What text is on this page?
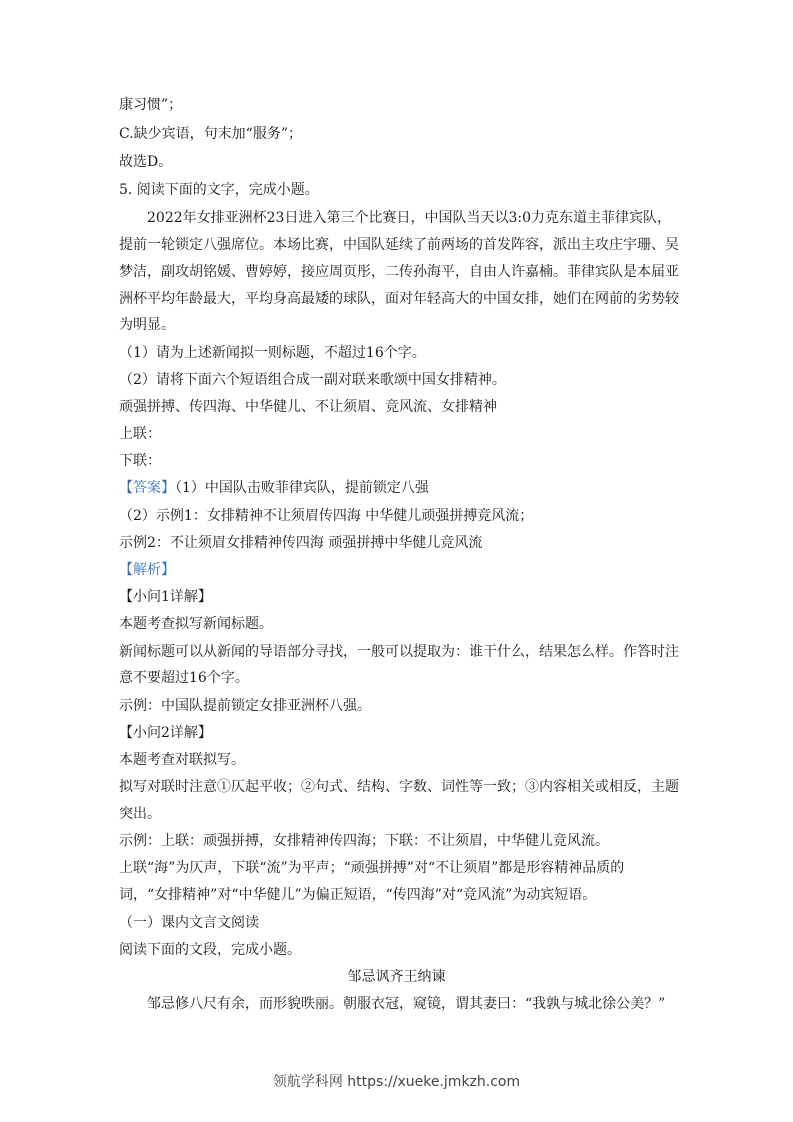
康习惯”；
C.缺少宾语，句末加“服务”；
故选D。
5. 阅读下面的文字，完成小题。
2022年女排亚洲杯23日进入第三个比赛日，中国队当天以3:0力克东道主菲律宾队，
提前一轮锁定八强席位。本场比赛，中国队延续了前两场的首发阵容，派出主攻庄宇珊、吴
梦洁，副攻胡铭媛、曹婷婷，接应周页彤，二传孙海平，自由人许嘉楠。菲律宾队是本届亚
洲杯平均年龄最大，平均身高最矮的球队，面对年轻高大的中国女排，她们在网前的劣势较
为明显。
（1）请为上述新闻拟一则标题，不超过16个字。
（2）请将下面六个短语组合成一副对联来歌颂中国女排精神。
顽强拼搏、传四海、中华健儿、不让须眉、竞风流、女排精神
上联：
下联：
【答案】（1）中国队击败菲律宾队，提前锁定八强
（2）示例1：女排精神不让须眉传四海 中华健儿顽强拼搏竞风流；
示例2：不让须眉女排精神传四海 顽强拼搏中华健儿竞风流
【解析】
【小问1详解】
本题考查拟写新闻标题。
新闻标题可以从新闻的导语部分寻找，一般可以提取为：谁干什么，结果怎么样。作答时注
意不要超过16个字。
示例：中国队提前锁定女排亚洲杯八强。
【小问2详解】
本题考查对联拟写。
拟写对联时注意①仄起平收；②句式、结构、字数、词性等一致；③内容相关或相反，主题
突出。
示例：上联：顽强拼搏，女排精神传四海；下联：不让须眉，中华健儿竞风流。
上联“海”为仄声，下联“流”为平声；“顽强拼搏”对“不让须眉”都是形容精神品质的
词，“女排精神”对“中华健儿”为偏正短语，“传四海”对“竞风流”为动宾短语。
（一）课内文言文阅读
阅读下面的文段，完成小题。
邹忌讽齐王纳谏
邹忌修八尺有余，而形貌昳丽。朝服衣冠，窥镜，谓其妻曰：“我孰与城北徐公美？”
领航学科网 https://xueke.jmkzh.com
